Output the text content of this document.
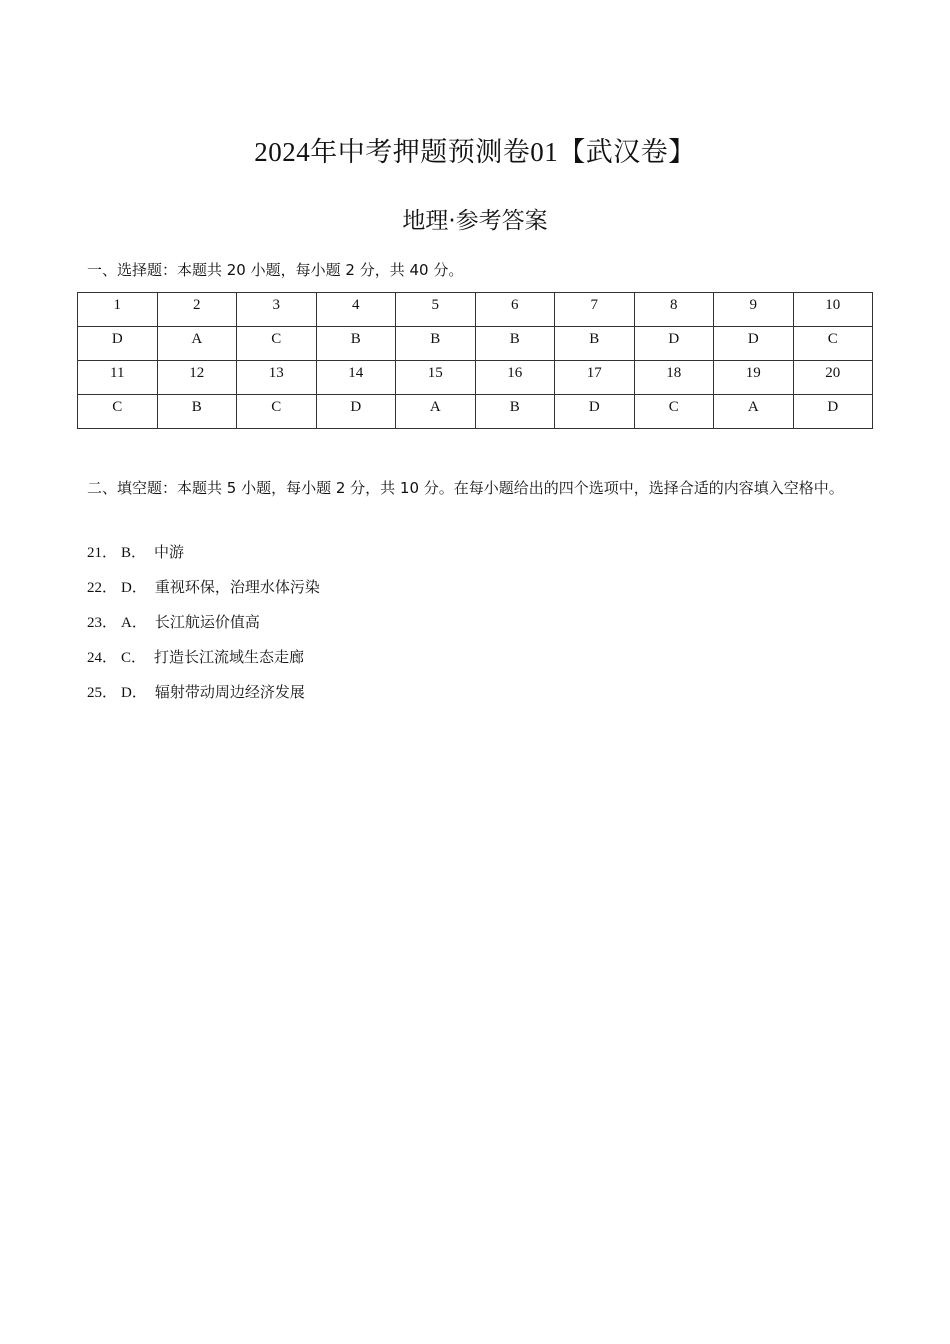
2024年中考押题预测卷01【武汉卷】
地理·参考答案
一、选择题：本题共 20 小题，每小题 2 分，共 40 分。
1	2	3	4	5	6	7	8	9	10
D	A	C	B	B	B	B	D	D	C
11	12	13	14	15	16	17	18	19	20
C	B	C	D	A	B	D	C	A	D
二、填空题：本题共 5 小题，每小题 2 分，共 10 分。在每小题给出的四个选项中，选择合适的内容填入空格中。
21． B． 中游
22． D． 重视环保，治理水体污染
23． A． 长江航运价值高
24． C． 打造长江流域生态走廊
25． D． 辐射带动周边经济发展
